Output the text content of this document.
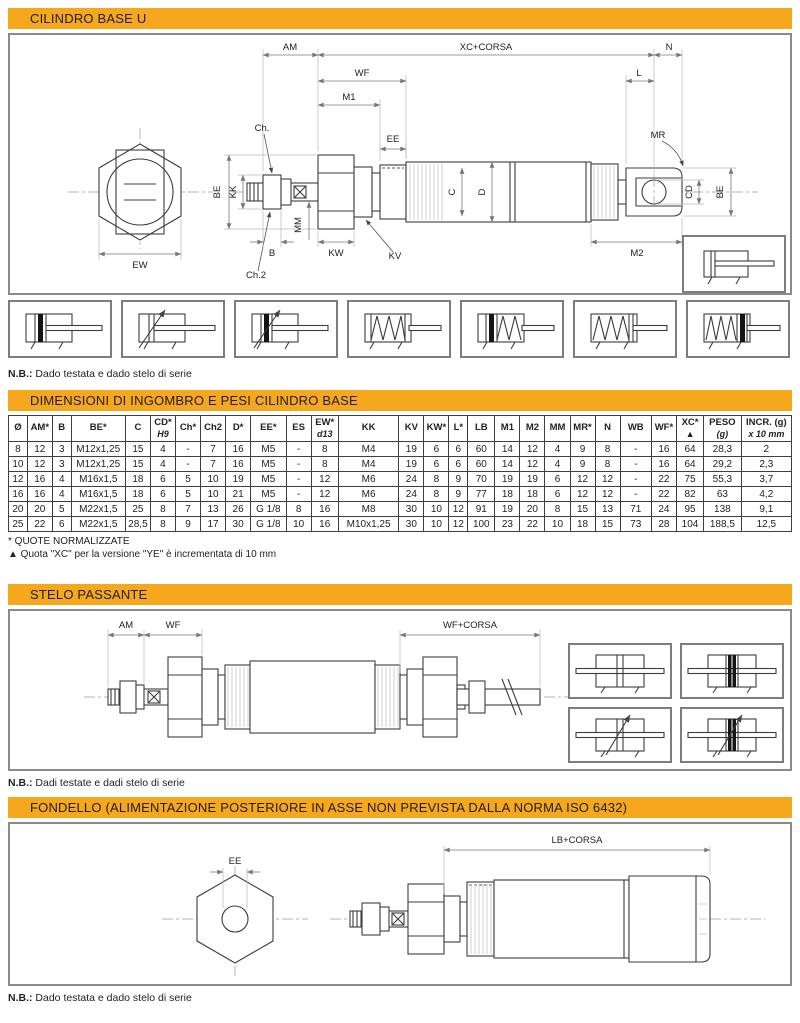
CILINDRO BASE U
EW
AM	XC+CORSA	N
WF	L
M1
EE
Ch.
MR
BE KK
MM
Ch.2
B	KW	KV
C D
M2
CD BE

N.B.: Dado testata e dado stelo di serie

DIMENSIONI DI INGOMBRO E PESI CILINDRO BASE
Ø	AM*	B	BE*	C	CD*
H9

Ch*	Ch2	D*	EE*	ES	EW*
d13

KK	KV	KW*	L*	LB	M1	M2	MM	MR*	N	WB	WF*	XC*
▲

PESO
(g)

INCR. (g)
x 10 mm

8	12	3	M12x1,25	15	4	-	7	16	M5	-	8	M4	19	6	6	60	14	12	4	9	8	-	16	64	28,3	2
10	12	3	M12x1,25	15	4	-	7	16	M5	-	8	M4	19	6	6	60	14	12	4	9	8	-	16	64	29,2	2,3
12	16	4	M16x1,5	18	6	5	10	19	M5	-	12	M6	24	8	9	70	19	19	6	12	12	-	22	75	55,3	3,7
16	16	4	M16x1,5	18	6	5	10	21	M5	-	12	M6	24	8	9	77	18	18	6	12	12	-	22	82	63	4,2
20	20	5	M22x1,5	25	8	7	13	26	G 1/8	8	16	M8	30	10	12	91	19	20	8	15	13	71	24	95	138	9,1
25	22	6	M22x1,5	28,5	8	9	17	30	G 1/8	10	16	M10x1,25	30	10	12	100	23	22	10	18	15	73	28	104	188,5	12,5

* QUOTE NORMALIZZATE

▲ Quota "XC" per la versione "YE" è incrementata di 10 mm

STELO PASSANTE
AM	WF	WF+CORSA

N.B.: Dadi testate e dadi stelo di serie

FONDELLO (ALIMENTAZIONE POSTERIORE IN ASSE NON PREVISTA DALLA NORMA ISO 6432)
EE
LB+CORSA

N.B.: Dado testata e dado stelo di serie
